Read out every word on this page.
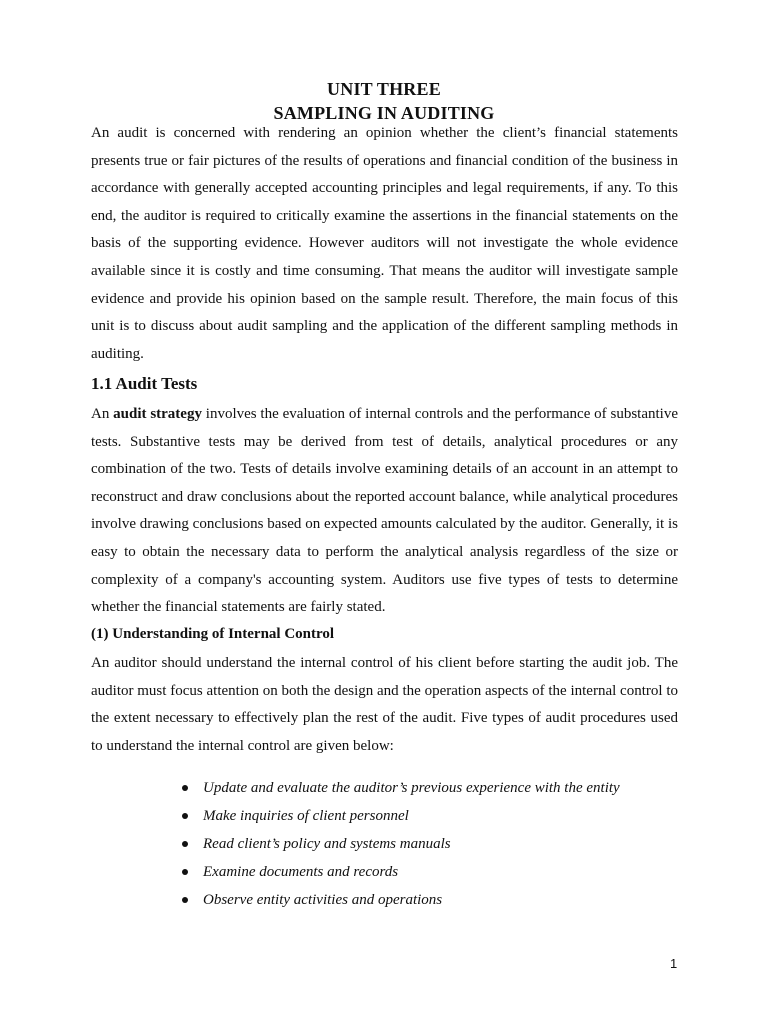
UNIT THREE
SAMPLING IN AUDITING

An audit is concerned with rendering an opinion whether the client’s financial statements presents true or fair pictures of the results of operations and financial condition of the business in accordance with generally accepted accounting principles and legal requirements, if any. To this end, the auditor is required to critically examine the assertions in the financial statements on the basis of the supporting evidence. However auditors will not investigate the whole evidence available since it is costly and time consuming. That means the auditor will investigate sample evidence and provide his opinion based on the sample result. Therefore, the main focus of this unit is to discuss about audit sampling and the application of the different sampling methods in auditing.

1.1 Audit Tests

An audit strategy involves the evaluation of internal controls and the performance of substantive tests. Substantive tests may be derived from test of details, analytical procedures or any combination of the two. Tests of details involve examining details of an account in an attempt to reconstruct and draw conclusions about the reported account balance, while analytical procedures involve drawing conclusions based on expected amounts calculated by the auditor. Generally, it is easy to obtain the necessary data to perform the analytical analysis regardless of the size or complexity of a company's accounting system. Auditors use five types of tests to determine whether the financial statements are fairly stated.

(1) Understanding of Internal Control

An auditor should understand the internal control of his client before starting the audit job. The auditor must focus attention on both the design and the operation aspects of the internal control to the extent necessary to effectively plan the rest of the audit. Five types of audit procedures used to understand the internal control are given below:

Update and evaluate the auditor’s previous experience with the entity
Make inquiries of client personnel
Read client’s policy and systems manuals
Examine documents and records
Observe entity activities and operations
1
